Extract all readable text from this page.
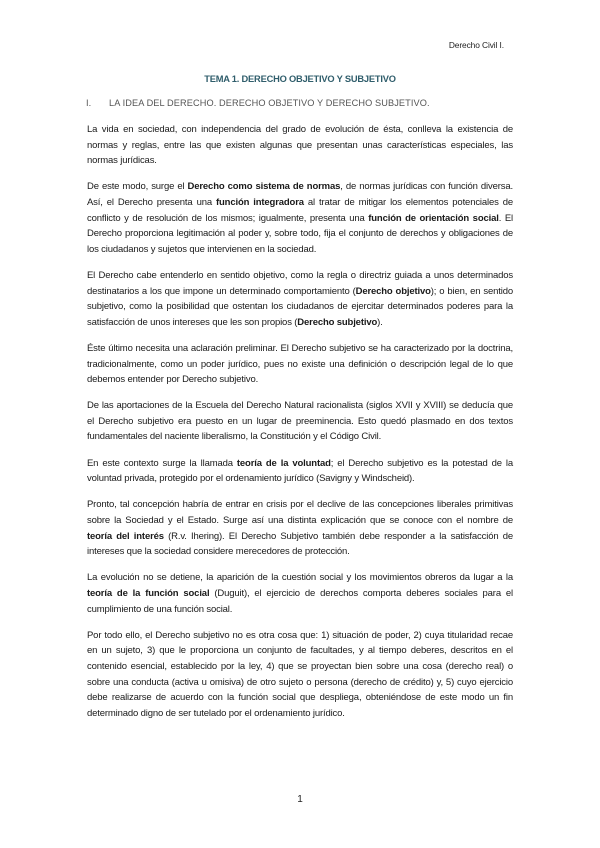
Derecho Civil I.
TEMA 1. DERECHO OBJETIVO Y SUBJETIVO
I.	LA IDEA DEL DERECHO. DERECHO OBJETIVO Y DERECHO SUBJETIVO.

La vida en sociedad, con independencia del grado de evolución de ésta, conlleva la existencia de normas y reglas, entre las que existen algunas que presentan unas características especiales, las normas jurídicas.

De este modo, surge el Derecho como sistema de normas, de normas jurídicas con función diversa. Así, el Derecho presenta una función integradora al tratar de mitigar los elementos potenciales de conflicto y de resolución de los mismos; igualmente, presenta una función de orientación social. El Derecho proporciona legitimación al poder y, sobre todo, fija el conjunto de derechos y obligaciones de los ciudadanos y sujetos que intervienen en la sociedad.

El Derecho cabe entenderlo en sentido objetivo, como la regla o directriz guiada a unos determinados destinatarios a los que impone un determinado comportamiento (Derecho objetivo); o bien, en sentido subjetivo, como la posibilidad que ostentan los ciudadanos de ejercitar determinados poderes para la satisfacción de unos intereses que les son propios (Derecho subjetivo).

Éste último necesita una aclaración preliminar. El Derecho subjetivo se ha caracterizado por la doctrina, tradicionalmente, como un poder jurídico, pues no existe una definición o descripción legal de lo que debemos entender por Derecho subjetivo.

De las aportaciones de la Escuela del Derecho Natural racionalista (siglos XVII y XVIII) se deducía que el Derecho subjetivo era puesto en un lugar de preeminencia. Esto quedó plasmado en dos textos fundamentales del naciente liberalismo, la Constitución y el Código Civil.

En este contexto surge la llamada teoría de la voluntad; el Derecho subjetivo es la potestad de la voluntad privada, protegido por el ordenamiento jurídico (Savigny y Windscheid).

Pronto, tal concepción habría de entrar en crisis por el declive de las concepciones liberales primitivas sobre la Sociedad y el Estado. Surge así una distinta explicación que se conoce con el nombre de teoría del interés (R.v. Ihering). El Derecho Subjetivo también debe responder a la satisfacción de intereses que la sociedad considere merecedores de protección.

La evolución no se detiene, la aparición de la cuestión social y los movimientos obreros da lugar a la teoría de la función social (Duguit), el ejercicio de derechos comporta deberes sociales para el cumplimiento de una función social.

Por todo ello, el Derecho subjetivo no es otra cosa que: 1) situación de poder, 2) cuya titularidad recae en un sujeto, 3) que le proporciona un conjunto de facultades, y al tiempo deberes, descritos en el contenido esencial, establecido por la ley, 4) que se proyectan bien sobre una cosa (derecho real) o sobre una conducta (activa u omisiva) de otro sujeto o persona (derecho de crédito) y, 5) cuyo ejercicio debe realizarse de acuerdo con la función social que despliega, obteniéndose de este modo un fin determinado digno de ser tutelado por el ordenamiento jurídico.

1
